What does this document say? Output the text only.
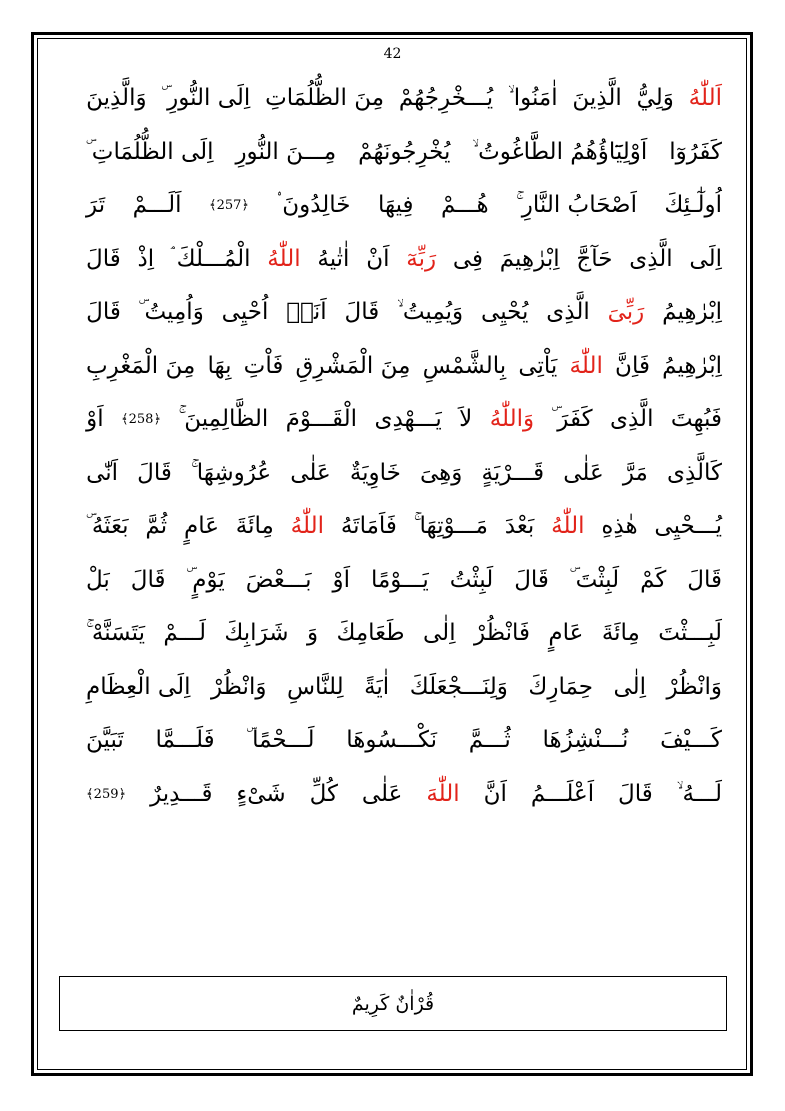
42
اَللّٰهُ
وَلِيُّ
الَّذِينَ
اٰمَنُوا ۙ
يُـــخْرِجُهُمْ
مِنَ الظُّلُمَاتِ
اِلَى النُّورِ ۜ
وَالَّذِينَ
كَفَرُوٓا
اَوْلِيَٓاؤُهُمُ الطَّاغُوتُ ۙ
يُخْرِجُونَهُمْ
مِـــنَ النُّورِ
اِلَى الظُّلُمَاتِ ۜ
اُولٰٓـئِكَ
اَصْحَابُ النَّارِ ۚ
هُـــمْ
فِيهَا
خَالِدُونَ ۟
﴿257﴾
اَلَـــمْ
تَرَ
اِلَى
الَّذِى
حَآجَّ
اِبْرٰهِيمَ
فِى
رَبِّهٓ
اَنْ
اٰتٰيهُ
اللّٰهُ
الْمُـــلْكَ ۘ
اِذْ
قَالَ
اِبْرٰهِيمُ
رَبِّىَ
الَّذِى
يُحْيِى
وَيُمِيتُ ۙ
قَالَ
اَنَا۬
اُحْيِى
وَاُمِيتُ ۜ
قَالَ
اِبْرٰهِيمُ
فَاِنَّ
اللّٰهَ
يَاْتِى
بِالشَّمْسِ
مِنَ الْمَشْرِقِ
فَاْتِ
بِهَا
مِنَ الْمَغْرِبِ
فَبُهِتَ
الَّذِى
كَفَرَ ۜ
وَاللّٰهُ
لاَ
يَـــهْدِى
الْقَـــوْمَ
الظَّالِمِينَ ۚ
﴿258﴾
اَوْ
كَالَّذِى
مَرَّ
عَلٰى
قَـــرْيَةٍ
وَهِىَ
خَاوِيَةٌ
عَلٰى
عُرُوشِهَا ۚ
قَالَ
اَنّٰى
يُـــحْيِى
هٰذِهِ
اللّٰهُ
بَعْدَ
مَـــوْتِهَا ۚ
فَاَمَاتَهُ
اللّٰهُ
مِائَةَ
عَامٍ
ثُمَّ
بَعَثَهُ ۜ
قَالَ
كَمْ
لَبِثْتَ ۜ
قَالَ
لَبِثْتُ
يَـــوْمًا
اَوْ
بَـــعْضَ
يَوْمٍ ۜ
قَالَ
بَلْ
لَبِـــثْتَ
مِائَةَ
عَامٍ
فَانْظُرْ
اِلٰى
طَعَامِكَ
وَ
شَرَابِكَ
لَـــمْ
يَتَسَنَّهْ ۚ
وَانْظُرْ
اِلٰى
حِمَارِكَ
وَلِنَـــجْعَلَكَ
اٰيَةً
لِلنَّاسِ
وَانْظُرْ
اِلَى الْعِظَامِ
كَـــيْفَ
نُـــنْشِزُهَا
ثُـــمَّ
نَكْـــسُوهَا
لَـــحْمًا ۜ
فَلَـــمَّا
تَبَيَّنَ
لَـــهُ ۙ
قَالَ
اَعْلَـــمُ
اَنَّ
اللّٰهَ
عَلٰى
كُلِّ
شَىْءٍ
قَـــدِيرٌ
﴿259﴾
قُرْاٰنٌ كَرِيمٌ
